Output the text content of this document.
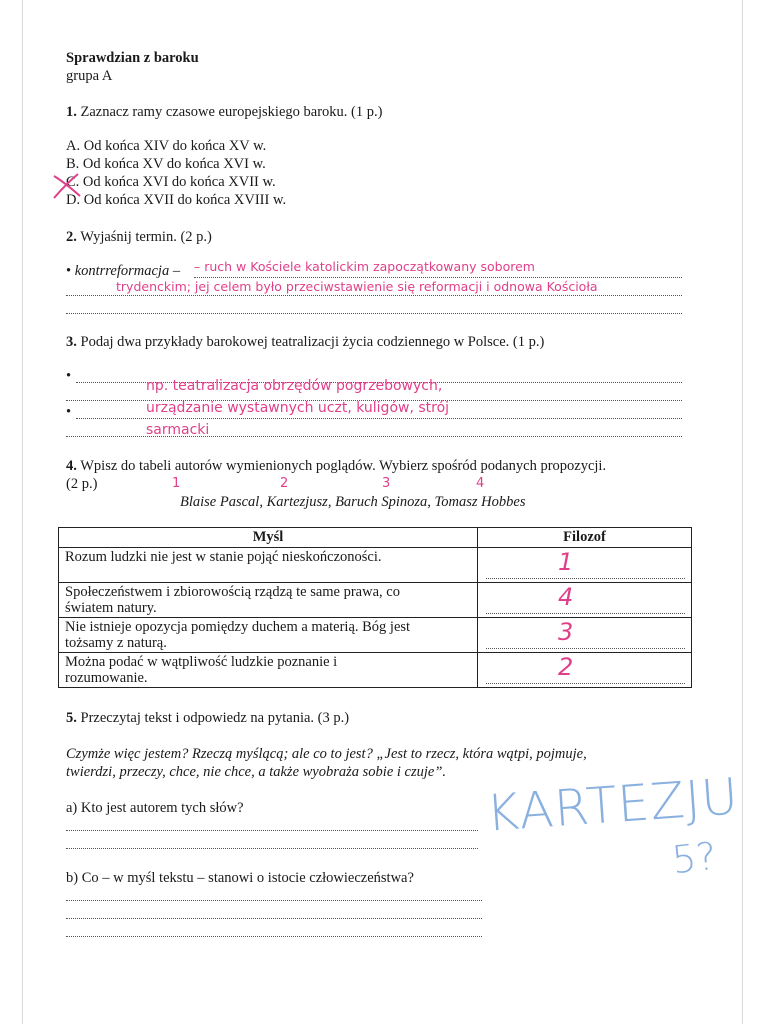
Sprawdzian z baroku
grupa A
1. Zaznacz ramy czasowe europejskiego baroku. (1 p.)
A. Od końca XIV do końca XV w.
B. Od końca XV do końca XVI w.
C. Od końca XVI do końca XVII w.
D. Od końca XVII do końca XVIII w.
2. Wyjaśnij termin. (2 p.)
• kontrreformacja – – ruch w Kościele katolickim zapoczątkowany soborem
trydenckim; jej celem było przeciwstawienie się reformacji i odnowa Kościoła
3. Podaj dwa przykłady barokowej teatralizacji życia codziennego w Polsce. (1 p.)
•
•
np. teatralizacja obrzędów pogrzebowych,
urządzanie wystawnych uczt, kuligów, strój
sarmacki
4. Wpisz do tabeli autorów wymienionych poglądów. Wybierz spośród podanych propozycji.
(2 p.)
Blaise Pascal, Kartezjusz, Baruch Spinoza, Tomasz Hobbes
1	2	3	4
Myśl	Filozof

Rozum ludzki nie jest w stanie pojąć nieskończoności.	1

Społeczeństwem i zbiorowością rządzą te same prawa, co
światem natury.	4

Nie istnieje opozycja pomiędzy duchem a materią. Bóg jest
tożsamy z naturą.	3

Można podać w wątpliwość ludzkie poznanie i
rozumowanie.	2
5. Przeczytaj tekst i odpowiedz na pytania. (3 p.)
Czymże więc jestem? Rzeczą myślącą; ale co to jest? „Jest to rzecz, która wątpi, pojmuje,
twierdzi, przeczy, chce, nie chce, a także wyobraża sobie i czuje”.
a) Kto jest autorem tych słów?
b) Co – w myśl tekstu – stanowi o istocie człowieczeństwa?
KARTEZJU
5?
